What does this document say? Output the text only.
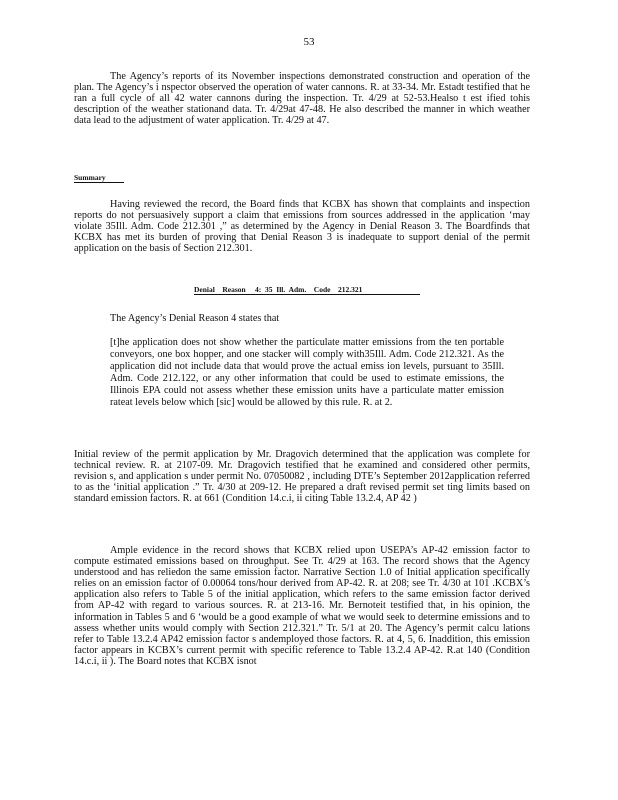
53

The Agency’s reports of its November inspections demonstrated construction and operation of the plan. The Agency’s i nspector observed the operation of water cannons. R. at 33-34. Mr. Estadt testified that he ran a full cycle of all 42 water cannons during the inspection. Tr. 4/29 at 52-53.Healso t est ified tohis description of the weather stationand data. Tr. 4/29at 47-48. He also described the manner in which weather data lead to the adjustment of water application. Tr. 4/29 at 47.

Summary

Having reviewed the record, the Board finds that KCBX has shown that complaints and inspection reports do not persuasively support a claim that emissions from sources addressed in the application ‘may violate 35Ill. Adm. Code 212.301 ,” as determined by the Agency in Denial Reason 3. The Boardfinds that KCBX has met its burden of proving that Denial Reason 3 is inadequate to support denial of the permit application on the basis of Section 212.301.

Denial    Reason     4:  35  Ill.  Adm.    Code    212.321
The Agency’s Denial Reason 4 states that

[t]he application does not show whether the particulate matter emissions from the ten portable conveyors, one box hopper, and one stacker will comply with35Ill. Adm. Code 212.321. As the application did not include data that would prove the actual emiss ion levels, pursuant to 35Ill. Adm. Code 212.122, or any other information that could be used to estimate emissions, the Illinois EPA could not assess whether these emission units have a particulate matter emission rateat levels below which [sic] would be allowed by this rule. R. at 2.

Initial review of the permit application by Mr. Dragovich determined that the application was complete for technical review. R. at 2107-09. Mr. Dragovich testified that he examined and considered other permits, revision s, and application s under permit No. 07050082 , including DTE’s September 2012application referred to as the ‘initial application .” Tr. 4/30 at 209-12. He prepared a draft revised permit set ting limits based on standard emission factors. R. at 661 (Condition 14.c.i, ii citing Table 13.2.4, AP 42 )

Ample evidence in the record shows that KCBX relied upon USEPA’s AP-42 emission factor to compute estimated emissions based on throughput. See Tr. 4/29 at 163. The record shows that the Agency understood and has reliedon the same emission factor. Narrative Section 1.0 of Initial application specifically relies on an emission factor of 0.00064 tons/hour derived from AP-42. R. at 208; see Tr. 4/30 at 101 .KCBX’s application also refers to Table 5 of the initial application, which refers to the same emission factor derived from AP-42 with regard to various sources. R. at 213-16. Mr. Bernoteit testified that, in his opinion, the information in Tables 5 and 6 ‘would be a good example of what we would seek to determine emissions and to assess whether units would comply with Section 212.321.” Tr. 5/1 at 20. The Agency’s permit calcu lations refer to Table 13.2.4 AP42 emission factor s andemployed those factors. R. at 4, 5, 6. Inaddition, this emission factor appears in KCBX’s current permit with specific reference to Table 13.2.4 AP-42. R.at 140 (Condition 14.c.i, ii ). The Board notes that KCBX isnot
